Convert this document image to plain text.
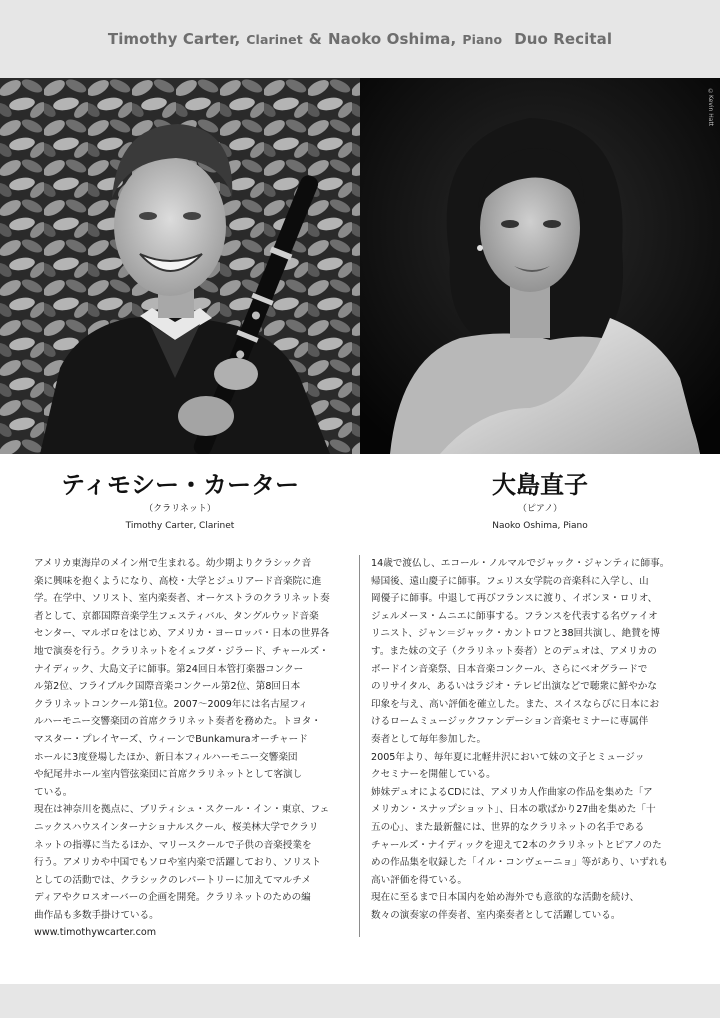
Timothy Carter, Clarinet & Naoko Oshima, Piano Duo Recital
©Kevin Hatt
ティモシー・カーター
（クラリネット）
Timothy Carter, Clarinet
大島直子
（ピアノ）
Naoko Oshima, Piano
アメリカ東海岸のメイン州で生まれる。幼少期よりクラシック音
楽に興味を抱くようになり、高校・大学とジュリアード音楽院に進
学。在学中、ソリスト、室内楽奏者、オーケストラのクラリネット奏
者として、京都国際音楽学生フェスティバル、タングルウッド音楽
センター、マルボロをはじめ、アメリカ・ヨーロッパ・日本の世界各
地で演奏を行う。クラリネットをイェフダ・ジラード、チャールズ・
ナイディック、大島文子に師事。第24回日本管打楽器コンクー
ル第2位、フライブルク国際音楽コンクール第2位、第8回日本
クラリネットコンクール第1位。2007〜2009年には名古屋フィ
ルハーモニー交響楽団の首席クラリネット奏者を務めた。トヨタ・
マスター・プレイヤーズ、ウィーンでBunkamuraオーチャード
ホールに3度登場したほか、新日本フィルハーモニー交響楽団
や紀尾井ホール室内管弦楽団に首席クラリネットとして客演し
ている。
現在は神奈川を拠点に、ブリティシュ・スクール・イン・東京、フェ
ニックスハウスインターナショナルスクール、桜美林大学でクラリ
ネットの指導に当たるほか、マリースクールで子供の音楽授業を
行う。アメリカや中国でもソロや室内楽で活躍しており、ソリスト
としての活動では、クラシックのレパートリーに加えてマルチメ
ディアやクロスオーバーの企画を開発。クラリネットのための編
曲作品も多数手掛けている。
www.timothywcarter.com
14歳で渡仏し、エコール・ノルマルでジャック・ジャンティに師事。
帰国後、遠山慶子に師事。フェリス女学院の音楽科に入学し、山
岡優子に師事。中退して再びフランスに渡り、イボンヌ・ロリオ、
ジェルメーヌ・ムニエに師事する。フランスを代表する名ヴァイオ
リニスト、ジャン＝ジャック・カントロフと38回共演し、絶賛を博
す。また妹の文子（クラリネット奏者）とのデュオは、アメリカの
ボードイン音楽祭、日本音楽コンクール、さらにベオグラードで
のリサイタル、あるいはラジオ・テレビ出演などで聴衆に鮮やかな
印象を与え、高い評価を確立した。また、スイスならびに日本にお
けるロームミュージックファンデーション音楽セミナーに専属伴
奏者として毎年参加した。
2005年より、毎年夏に北軽井沢において妹の文子とミュージッ
クセミナーを開催している。
姉妹デュオによるCDには、アメリカ人作曲家の作品を集めた「ア
メリカン・スナップショット」、日本の歌ばかり27曲を集めた「十
五の心」、また最新盤には、世界的なクラリネットの名手である
チャールズ・ナイディックを迎えて2本のクラリネットとピアノのた
めの作品集を収録した「イル・コンヴェーニョ」等があり、いずれも
高い評価を得ている。
現在に至るまで日本国内を始め海外でも意欲的な活動を続け、
数々の演奏家の伴奏者、室内楽奏者として活躍している。
